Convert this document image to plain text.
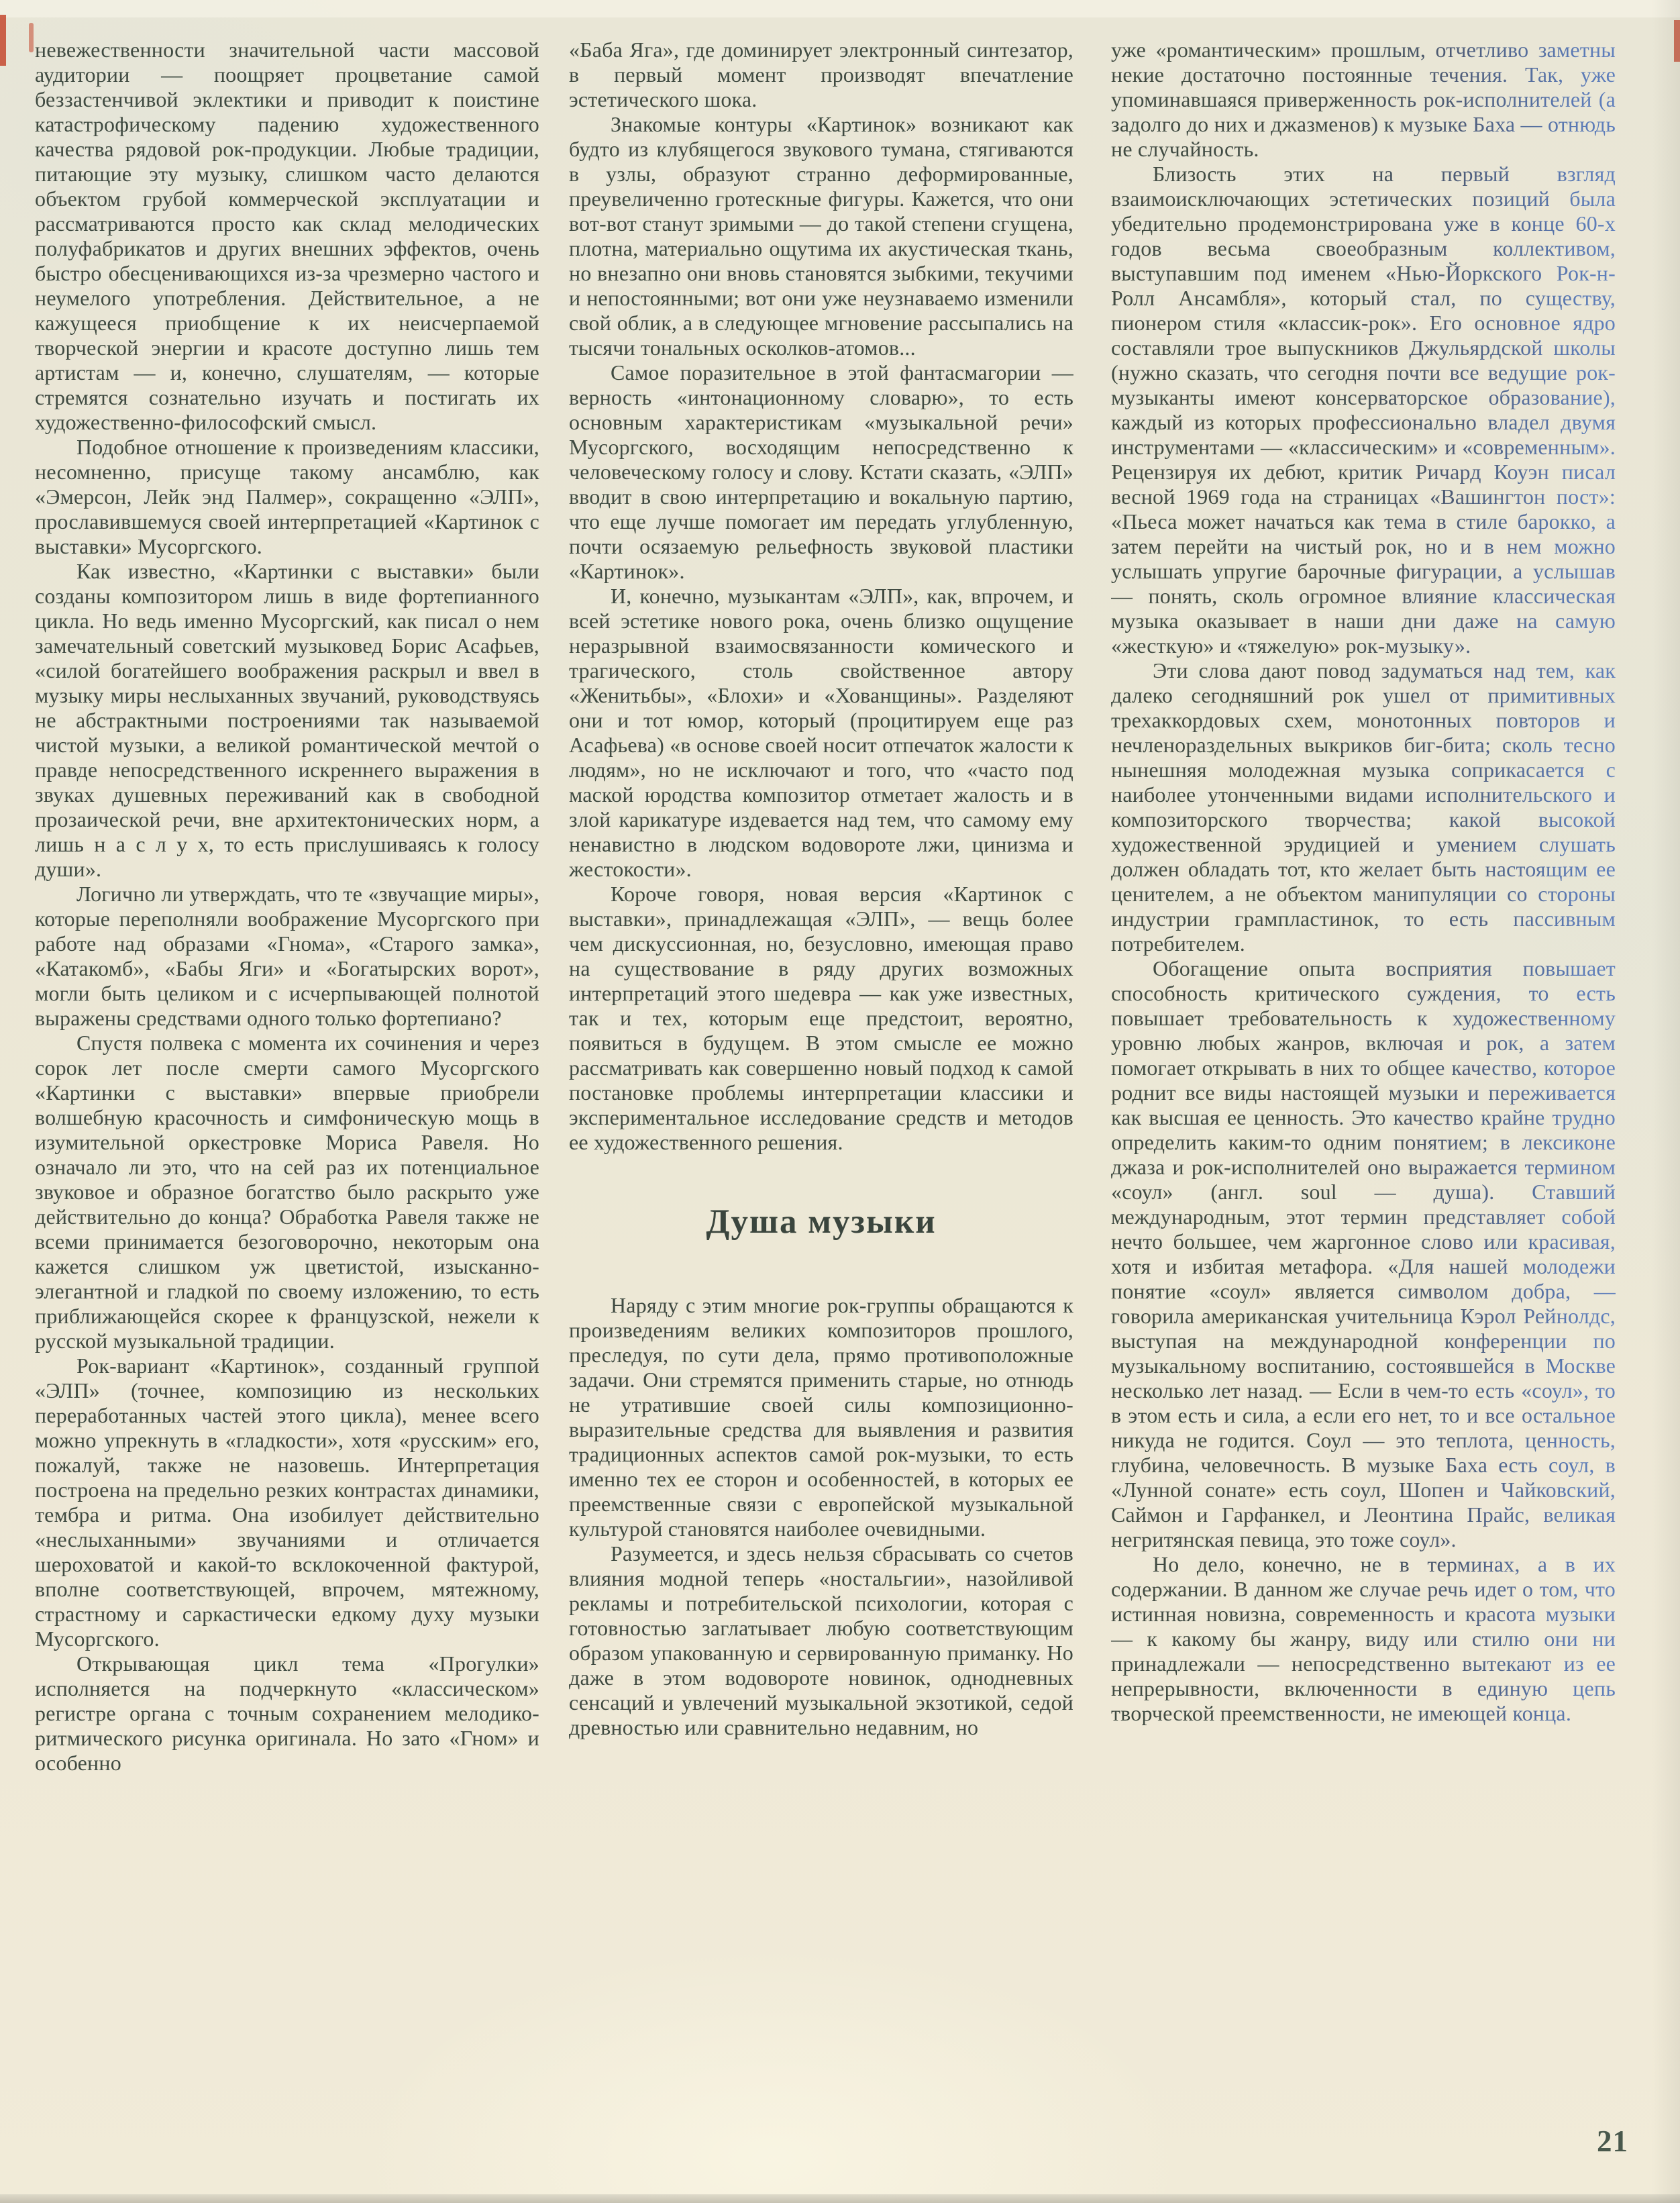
невежественности значительной части массовой аудитории — поощряет процветание самой беззастенчивой эклектики и приводит к поистине катастрофическому падению художественного качества рядовой рок-продукции. Любые традиции, питающие эту музыку, слишком часто делаются объектом грубой коммерческой эксплуатации и рассматриваются просто как склад мелодических полуфабрикатов и других внешних эффектов, очень быстро обесценивающихся из-за чрезмерно частого и неумелого употребления. Действительное, а не кажущееся приобщение к их неисчерпаемой творческой энергии и красоте доступно лишь тем артистам — и, конечно, слушателям, — которые стремятся сознательно изучать и постигать их художественно-философский смысл.

Подобное отношение к произведениям классики, несомненно, присуще такому ансамблю, как «Эмерсон, Лейк энд Палмер», сокращенно «ЭЛП», прославившемуся своей интерпретацией «Картинок с выставки» Мусоргского.

Как известно, «Картинки с выставки» были созданы композитором лишь в виде фортепианного цикла. Но ведь именно Мусоргский, как писал о нем замечательный советский музыковед Борис Асафьев, «силой богатейшего воображения раскрыл и ввел в музыку миры неслыханных звучаний, руководствуясь не абстрактными построениями так называемой чистой музыки, а великой романтической мечтой о правде непосредственного искреннего выражения в звуках душевных переживаний как в свободной прозаической речи, вне архитектонических норм, а лишь н а с л у х, то есть прислушиваясь к голосу души».

Логично ли утверждать, что те «звучащие миры», которые переполняли воображение Мусоргского при работе над образами «Гнома», «Старого замка», «Катакомб», «Бабы Яги» и «Богатырских ворот», могли быть целиком и с исчерпывающей полнотой выражены средствами одного только фортепиано?

Спустя полвека с момента их сочинения и через сорок лет после смерти самого Мусоргского «Картинки с выставки» впервые приобрели волшебную красочность и симфоническую мощь в изумительной оркестровке Мориса Равеля. Но означало ли это, что на сей раз их потенциальное звуковое и образное богатство было раскрыто уже действительно до конца? Обработка Равеля также не всеми принимается безоговорочно, некоторым она кажется слишком уж цветистой, изысканно-элегантной и гладкой по своему изложению, то есть приближающейся скорее к французской, нежели к русской музыкальной традиции.

Рок-вариант «Картинок», созданный группой «ЭЛП» (точнее, композицию из нескольких переработанных частей этого цикла), менее всего можно упрекнуть в «гладкости», хотя «русским» его, пожалуй, также не назовешь. Интерпретация построена на предельно резких контрастах динамики, тембра и ритма. Она изобилует действительно «неслыханными» звучаниями и отличается шероховатой и какой-то всклокоченной фактурой, вполне соответствующей, впрочем, мятежному, страстному и саркастически едкому духу музыки Мусоргского.

Открывающая цикл тема «Прогулки» исполняется на подчеркнуто «классическом» регистре органа с точным сохранением мелодико-ритмического рисунка оригинала. Но зато «Гном» и особенно

«Баба Яга», где доминирует электронный синтезатор, в первый момент производят впечатление эстетического шока.

Знакомые контуры «Картинок» возникают как будто из клубящегося звукового тумана, стягиваются в узлы, образуют странно деформированные, преувеличенно гротескные фигуры. Кажется, что они вот-вот станут зримыми — до такой степени сгущена, плотна, материально ощутима их акустическая ткань, но внезапно они вновь становятся зыбкими, текучими и непостоянными; вот они уже неузнаваемо изменили свой облик, а в следующее мгновение рассыпались на тысячи тональных осколков-атомов...

Самое поразительное в этой фантасмагории — верность «интонационному словарю», то есть основным характеристикам «музыкальной речи» Мусоргского, восходящим непосредственно к человеческому голосу и слову. Кстати сказать, «ЭЛП» вводит в свою интерпретацию и вокальную партию, что еще лучше помогает им передать углубленную, почти осязаемую рельефность звуковой пластики «Картинок».

И, конечно, музыкантам «ЭЛП», как, впрочем, и всей эстетике нового рока, очень близко ощущение неразрывной взаимосвязанности комического и трагического, столь свойственное автору «Женитьбы», «Блохи» и «Хованщины». Разделяют они и тот юмор, который (процитируем еще раз Асафьева) «в основе своей носит отпечаток жалости к людям», но не исключают и того, что «часто под маской юродства композитор отметает жалость и в злой карикатуре издевается над тем, что самому ему ненавистно в людском водовороте лжи, цинизма и жестокости».

Короче говоря, новая версия «Картинок с выставки», принадлежащая «ЭЛП», — вещь более чем дискуссионная, но, безусловно, имеющая право на существование в ряду других возможных интерпретаций этого шедевра — как уже известных, так и тех, которым еще предстоит, вероятно, появиться в будущем. В этом смысле ее можно рассматривать как совершенно новый подход к самой постановке проблемы интерпретации классики и экспериментальное исследование средств и методов ее художественного решения.

Душа музыки

Наряду с этим многие рок-группы обращаются к произведениям великих композиторов прошлого, преследуя, по сути дела, прямо противоположные задачи. Они стремятся применить старые, но отнюдь не утратившие своей силы композиционно-выразительные средства для выявления и развития традиционных аспектов самой рок-музыки, то есть именно тех ее сторон и особенностей, в которых ее преемственные связи с европейской музыкальной культурой становятся наиболее очевидными.

Разумеется, и здесь нельзя сбрасывать со счетов влияния модной теперь «ностальгии», назойливой рекламы и потребительской психологии, которая с готовностью заглатывает любую соответствующим образом упакованную и сервированную приманку. Но даже в этом водовороте новинок, однодневных сенсаций и увлечений музыкальной экзотикой, седой древностью или сравнительно недавним, но

уже «романтическим» прошлым, отчетливо заметны некие достаточно постоянные течения. Так, уже упоминавшаяся приверженность рок-исполнителей (а задолго до них и джазменов) к музыке Баха — отнюдь не случайность.

Близость этих на первый взгляд взаимоисключающих эстетических позиций была убедительно продемонстрирована уже в конце 60-х годов весьма своеобразным коллективом, выступавшим под именем «Нью-Йоркского Рок-н-Ролл Ансамбля», который стал, по существу, пионером стиля «классик-рок». Его основное ядро составляли трое выпускников Джульярдской школы (нужно сказать, что сегодня почти все ведущие рок-музыканты имеют консерваторское образование), каждый из которых профессионально владел двумя инструментами — «классическим» и «современным». Рецензируя их дебют, критик Ричард Коуэн писал весной 1969 года на страницах «Вашингтон пост»: «Пьеса может начаться как тема в стиле барокко, а затем перейти на чистый рок, но и в нем можно услышать упругие барочные фигурации, а услышав — понять, сколь огромное влияние классическая музыка оказывает в наши дни даже на самую «жесткую» и «тяжелую» рок-музыку».

Эти слова дают повод задуматься над тем, как далеко сегодняшний рок ушел от примитивных трехаккордовых схем, монотонных повторов и нечленораздельных выкриков биг-бита; сколь тесно нынешняя молодежная музыка соприкасается с наиболее утонченными видами исполнительского и композиторского творчества; какой высокой художественной эрудицией и умением слушать должен обладать тот, кто желает быть настоящим ее ценителем, а не объектом манипуляции со стороны индустрии грампластинок, то есть пассивным потребителем.

Обогащение опыта восприятия повышает способность критического суждения, то есть повышает требовательность к художественному уровню любых жанров, включая и рок, а затем помогает открывать в них то общее качество, которое роднит все виды настоящей музыки и переживается как высшая ее ценность. Это качество крайне трудно определить каким-то одним понятием; в лексиконе джаза и рок-исполнителей оно выражается термином «соул» (англ. soul — душа). Ставший международным, этот термин представляет собой нечто большее, чем жаргонное слово или красивая, хотя и избитая метафора. «Для нашей молодежи понятие «соул» является символом добра, — говорила американская учительница Кэрол Рейнолдс, выступая на международной конференции по музыкальному воспитанию, состоявшейся в Москве несколько лет назад. — Если в чем-то есть «соул», то в этом есть и сила, а если его нет, то и все остальное никуда не годится. Соул — это теплота, ценность, глубина, человечность. В музыке Баха есть соул, в «Лунной сонате» есть соул, Шопен и Чайковский, Саймон и Гарфанкел, и Леонтина Прайс, великая негритянская певица, это тоже соул».

Но дело, конечно, не в терминах, а в их содержании. В данном же случае речь идет о том, что истинная новизна, современность и красота музыки — к какому бы жанру, виду или стилю они ни принадлежали — непосредственно вытекают из ее непрерывности, включенности в единую цепь творческой преемственности, не имеющей конца.

21
